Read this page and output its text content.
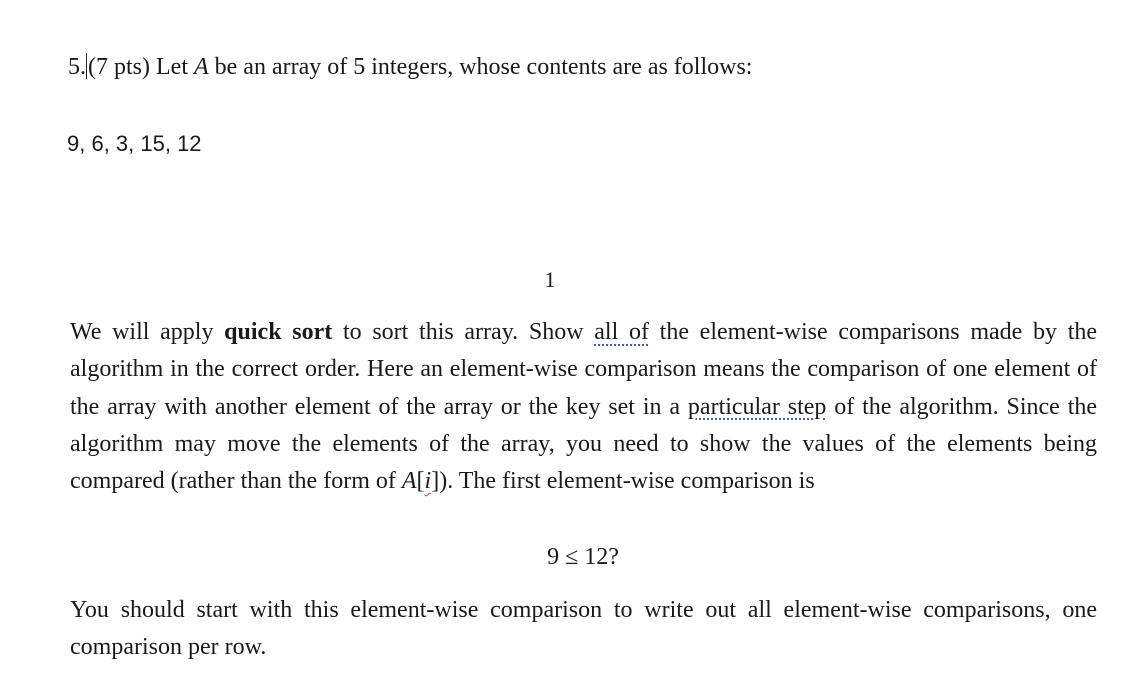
5.(7 pts) Let A be an array of 5 integers, whose contents are as follows:
9, 6, 3, 15, 12
1
We will apply quick sort to sort this array. Show all of the element-wise comparisons made by the algorithm in the correct order. Here an element-wise comparison means the comparison of one element of the array with another element of the array or the key set in a particular step of the algorithm. Since the algorithm may move the elements of the array, you need to show the values of the elements being compared (rather than the form of A[i]). The first element-wise comparison is
9 ≤ 12?
You should start with this element-wise comparison to write out all element-wise comparisons, one comparison per row.
